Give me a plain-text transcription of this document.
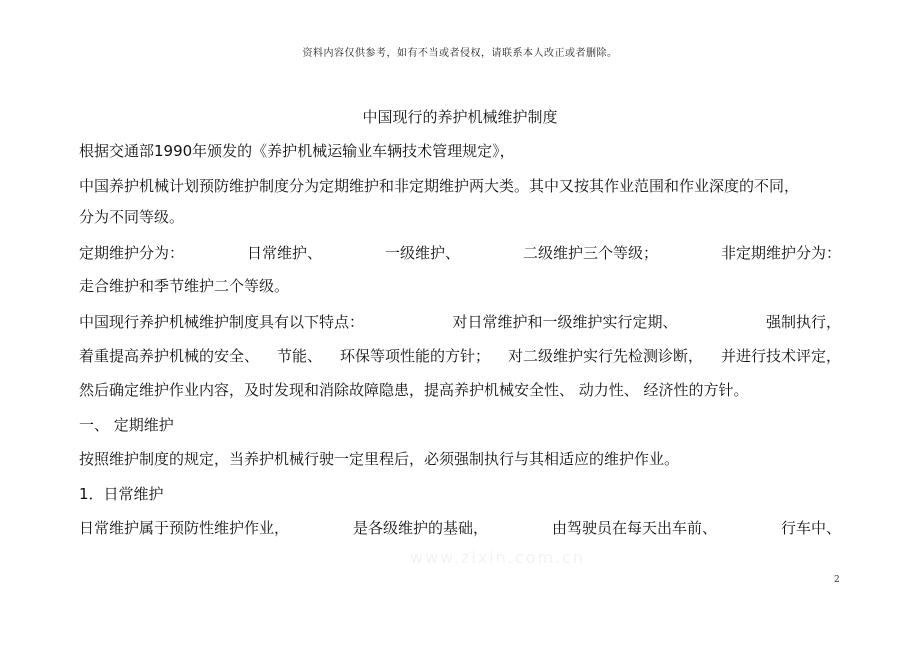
资料内容仅供参考，如有不当或者侵权，请联系本人改正或者删除。
中国现行的养护机械维护制度
根据交通部1990年颁发的《养护机械运输业车辆技术管理规定》，
中国养护机械计划预防维护制度分为定期维护和非定期维护两大类。其中又按其作业范围和作业深度的不同，
分为不同等级。
定期维护分为：	日常维护、	一级维护、	二级维护三个等级；	非定期维护分为：
走合维护和季节维护二个等级。
中国现行养护机械维护制度具有以下特点：	对日常维护和一级维护实行定期、	强制执行，
着重提高养护机械的安全、 节能、 环保等项性能的方针； 对二级维护实行先检测诊断， 并进行技术评定，
然后确定维护作业内容，及时发现和消除故障隐患，提高养护机械安全性、 动力性、 经济性的方针。
一、 定期维护
按照维护制度的规定，当养护机械行驶一定里程后，必须强制执行与其相适应的维护作业。
1．日常维护
日常维护属于预防性维护作业，	是各级维护的基础，	由驾驶员在每天出车前、	行车中、
www.zixin.com.cn
2
